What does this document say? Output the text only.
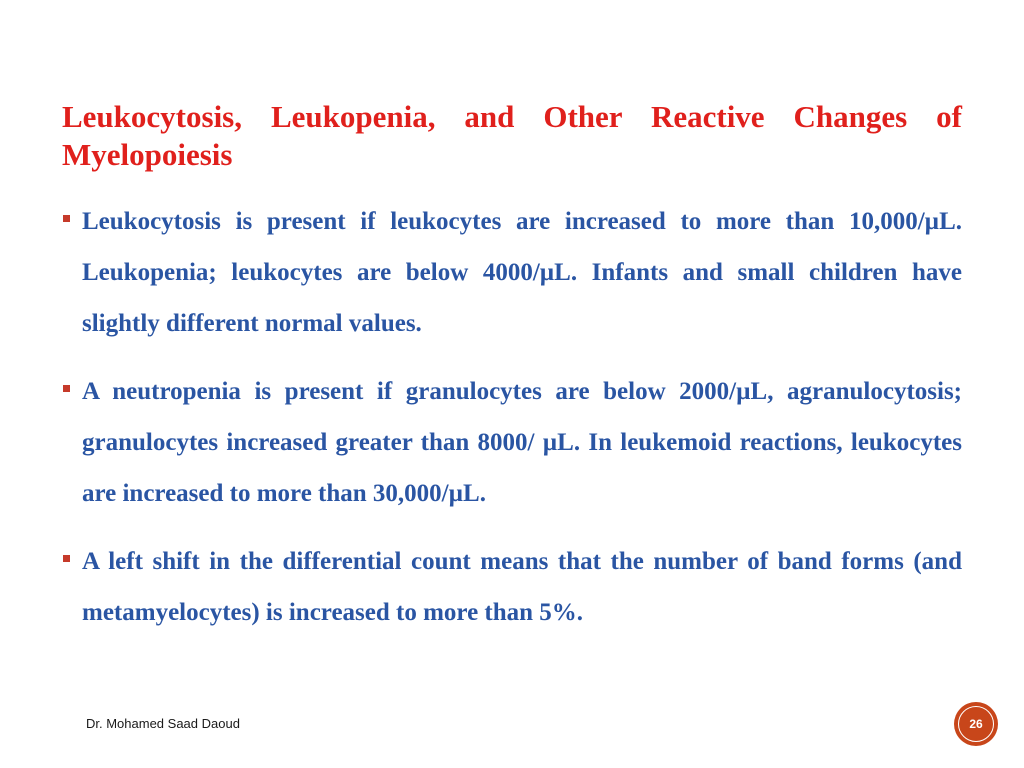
Leukocytosis, Leukopenia, and Other Reactive Changes of Myelopoiesis
Leukocytosis is present if leukocytes are increased to more than 10,000/µL. Leukopenia; leukocytes are below 4000/µL. Infants and small children have slightly different normal values.
A neutropenia is present if granulocytes are below 2000/µL, agranulocytosis; granulocytes increased greater than 8000/ µL. In leukemoid reactions, leukocytes are increased to more than 30,000/µL.
A left shift in the differential count means that the number of band forms (and metamyelocytes) is increased to more than 5%.
Dr. Mohamed Saad Daoud	26
